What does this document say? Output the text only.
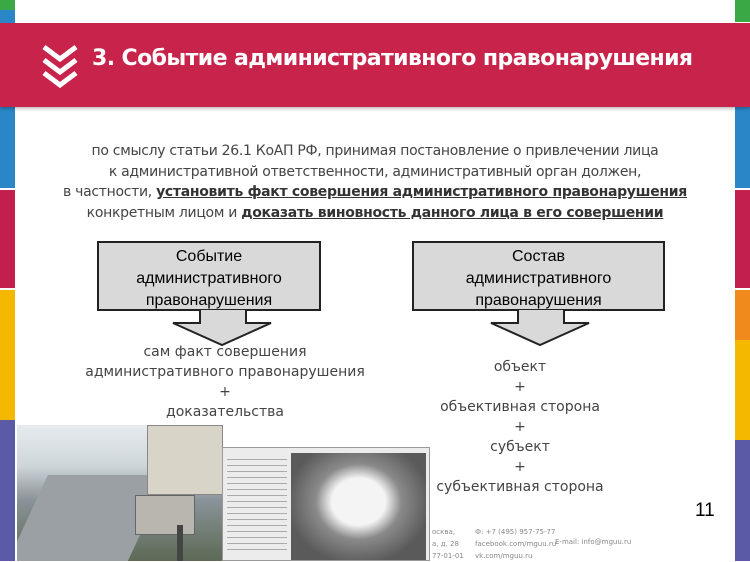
3. Событие административного правонарушения
по смыслу статьи 26.1 КоАП РФ, принимая постановление о привлечении лица
к административной ответственности, административный орган должен,
в частности, установить факт совершения административного правонарушения
конкретным лицом и доказать виновность данного лица в его совершении
Событие
административного
правонарушения
сам факт совершения
административного правонарушения
+
доказательства
Состав
административного
правонарушения
объект
+
объективная сторона
+
субъект
+
субъективная сторона
11
осква,
а, д. 28
77-01-01
Ф: +7 (495) 957-75-77
facebook.com/mguu.ru
vk.com/mguu.ru
E-mail: info@mguu.ru
